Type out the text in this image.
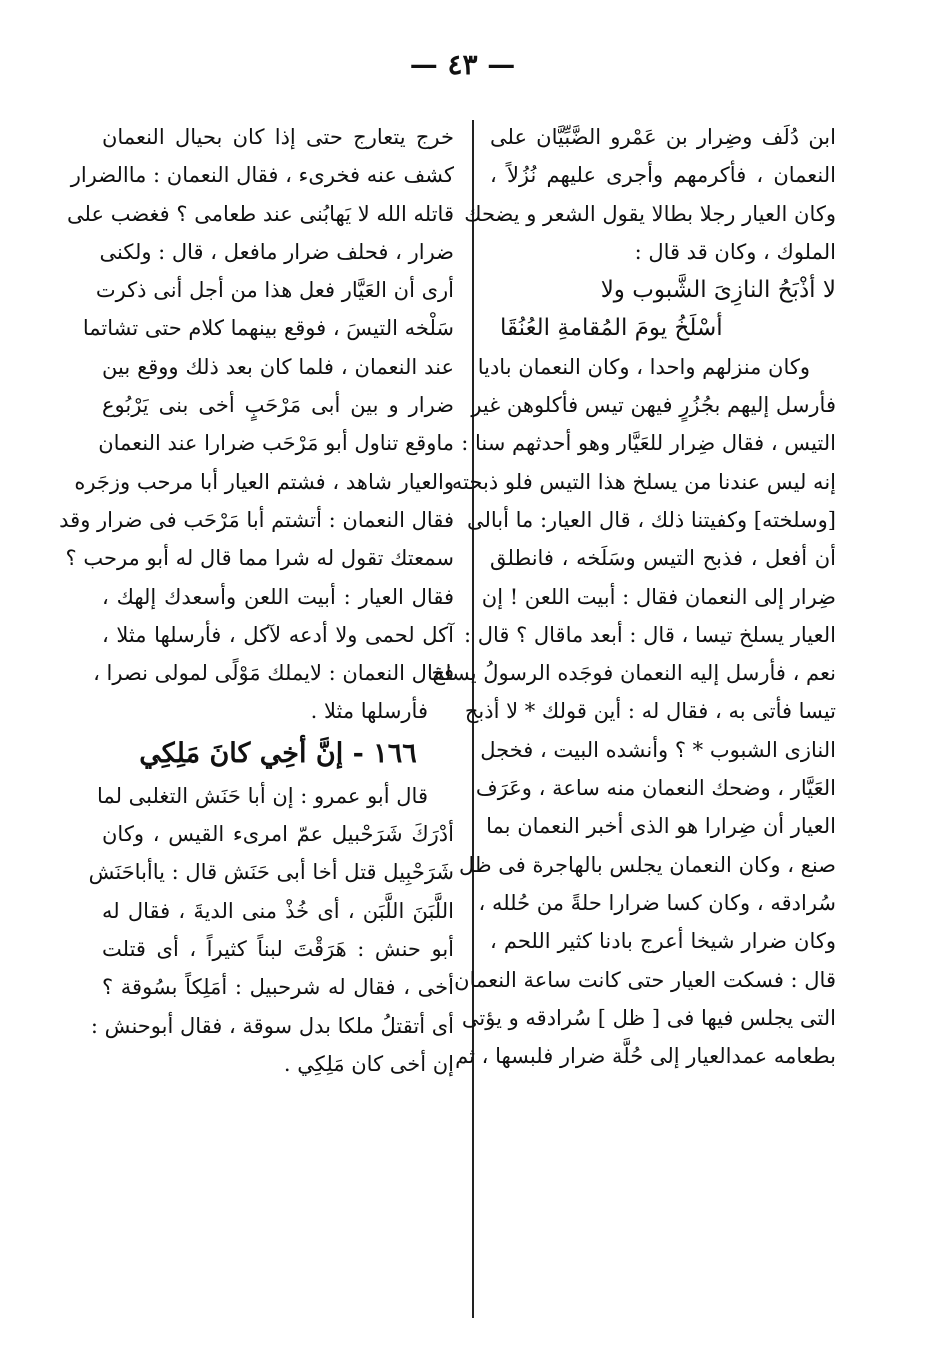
— ٤٣ —
ابن دُلَف وضِرار بن عَمْرو الضَّبِّيَّان على
النعمان ، فأكرمهم وأجرى عليهم نُزُلاً ،
وكان العيار رجلا بطالا يقول الشعر و يضحك
الملوك ، وكان قد قال :
لا أذْبَحُ النازِىَ الشَّبوب ولا
أسْلَخُ يومَ المُقامةِ العُنُقَا
وكان منزلهم واحدا ، وكان النعمان باديا
فأرسل إليهم بجُزُرٍ فيهن تيس فأكلوهن غير
التيس ، فقال ضِرار للعَيَّار وهو أحدثهم سنا :
إنه ليس عندنا من يسلخ هذا التيس فلو ذبحته
[وسلخته] وكفيتنا ذلك ، قال العيار: ما أبالى
أن أفعل ، فذبح التيس وسَلَخه ، فانطلق
ضِرار إلى النعمان فقال : أبيت اللعن ! إن
العيار يسلخ تيسا ، قال : أبعد ماقال ؟ قال :
نعم ، فأرسل إليه النعمان فوجَده الرسولُ يسلخ
تيسا فأتى به ، فقال له : أين قولك * لا أذبح
النازى الشبوب * ؟ وأنشده البيت ، فخجل
العَيَّار ، وضحك النعمان منه ساعة ، وعَرَف
العيار أن ضِرارا هو الذى أخبر النعمان بما
صنع ، وكان النعمان يجلس بالهاجرة فى ظل
سُرادقه ، وكان كسا ضرارا حلةً من حُلله ،
وكان ضرار شيخا أعرج بادنا كثير اللحم ،
قال : فسكت العيار حتى كانت ساعة النعمان
التى يجلس فيها فى [ ظل ] سُرادقه و يؤتى
بطعامه عمدالعيار إلى حُلَّة ضرار فلبسها ، ثم
خرج يتعارج حتى إذا كان بحيال النعمان
كشف عنه فخرىء ، فقال النعمان : ماالضرار
قاتله الله لا يَهابُنى عند طعامى ؟ فغضب على
ضرار ، فحلف ضرار مافعل ، قال : ولكنى
أرى أن العَيَّار فعل هذا من أجل أنى ذكرت
سَلْخه التيسَ ، فوقع بينهما كلام حتى تشاتما
عند النعمان ، فلما كان بعد ذلك ووقع بين
ضرار و بين أبى مَرْحَبٍ أخى بنى يَرْبُوع
ماوقع تناول أبو مَرْحَب ضرارا عند النعمان
والعيار شاهد ، فشتم العيار أبا مرحب وزجَره
فقال النعمان : أتشتم أبا مَرْحَب فى ضرار وقد
سمعتك تقول له شرا مما قال له أبو مرحب ؟
فقال العيار : أبيت اللعن وأسعدك إلهك ،
آكل لحمى ولا أدعه لآكل ، فأرسلها مثلا ،
فقال النعمان : لايملك مَوْلًى لمولى نصرا ،
فأرسلها مثلا .
١٦٦ - إنَّ أخِي كانَ مَلِكِي
قال أبو عمرو : إن أبا حَنَش التغلبى لما
أدْرَكَ شَرَحْبيل عمّ امرىء القيس ، وكان
شَرَحْبِيل قتل أخا أبى حَنَش قال : ياأباحَنَش
اللَّبَنَ اللَّبَن ، أى خُذْ منى الديةَ ، فقال له
أبو حنش : هَرَقْتَ لبناً كثيراً ، أى قتلت
أخى ، فقال له شرحبيل : أمَلِكاً بسُوقة ؟
أى أتقتلُ ملكا بدل سوقة ، فقال أبوحنش :
إن أخى كان مَلِكِي .
